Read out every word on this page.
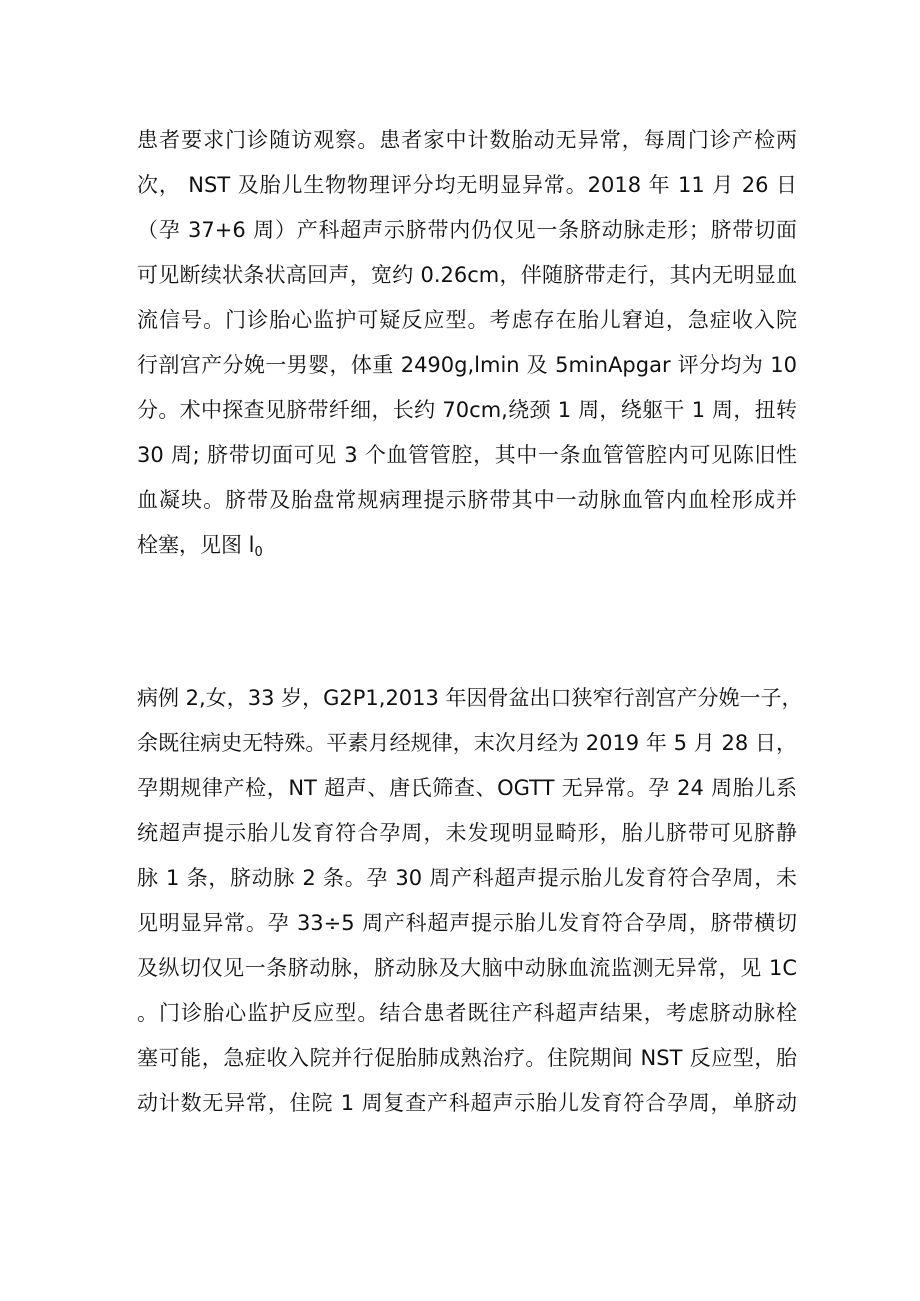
患者要求门诊随访观察。患者家中计数胎动无异常，每周门诊产检两
次， NST 及胎儿生物物理评分均无明显异常。2018 年 11 月 26 日
（孕 37+6 周）产科超声示脐带内仍仅见一条脐动脉走形；脐带切面
可见断续状条状高回声，宽约 0.26cm，伴随脐带走行，其内无明显血
流信号。门诊胎心监护可疑反应型。考虑存在胎儿窘迫，急症收入院
行剖宫产分娩一男婴，体重 2490g,lmin 及 5minApgar 评分均为 10
分。术中探查见脐带纤细，长约 70cm,绕颈 1 周，绕躯干 1 周，扭转
30 周; 脐带切面可见 3 个血管管腔，其中一条血管管腔内可见陈旧性
血凝块。脐带及胎盘常规病理提示脐带其中一动脉血管内血栓形成并
栓塞，见图 $l_0$
病例 2,女，33 岁，G2P1,2013 年因骨盆出口狭窄行剖宫产分娩一子，
余既往病史无特殊。平素月经规律，末次月经为 2019 年 5 月 28 日，
孕期规律产检，NT 超声、唐氏筛查、OGTT 无异常。孕 24 周胎儿系
统超声提示胎儿发育符合孕周，未发现明显畸形，胎儿脐带可见脐静
脉 1 条，脐动脉 2 条。孕 30 周产科超声提示胎儿发育符合孕周，未
见明显异常。孕 33÷5 周产科超声提示胎儿发育符合孕周，脐带横切
及纵切仅见一条脐动脉，脐动脉及大脑中动脉血流监测无异常，见 1C
。门诊胎心监护反应型。结合患者既往产科超声结果，考虑脐动脉栓
塞可能，急症收入院并行促胎肺成熟治疗。住院期间 NST 反应型，胎
动计数无异常，住院 1 周复查产科超声示胎儿发育符合孕周，单脐动
